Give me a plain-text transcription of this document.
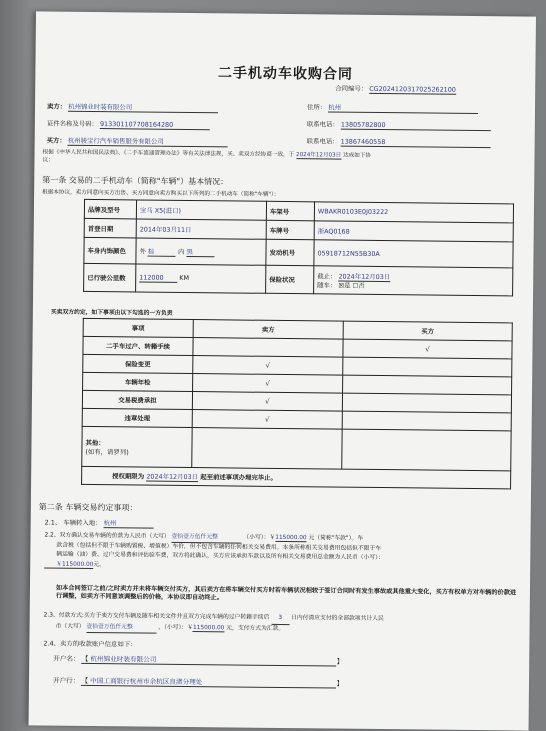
二手机动车收购合同
合同编号： CG20241203170252621​00
卖方： 杭州锦业时装有限公司	住所： 杭州
证件名称及号码： 913301107708164280	联系电话： 13805782800
买方： 杭州骏宝行汽车销售服务有限公司	联系电话： 13867460558
根据《中华人民共和国民法典》、《二手车流通管理办法》等有关法律法规，买、卖双方经协商一致，于 2024年12月03日 达成如下协
议：
第一条 交易的二手机动车（简称"车辆"）基本情况：
根据本协议，卖方同意向买方出售、买方同意向卖方购买以下所列的二手机动车（简称"车辆"）：
品牌及型号	宝马 X5(进口)	车架号	WBAKR0103E0J03222
首登日期	2014年03月11日	车牌号	浙AQ0168
车身内饰颜色	外 棕 内 黑	发动机号	05918712N55B30A
已行驶公里数	112000 KM	保险状况	截止： 2024年12月03日
随车： ☒是 ☐否
买卖双方约定，如下事项由以下勾选的一方负责
事项	卖方	买方
二手车过户、转籍手续		√
保险变更	√	
车辆年检	√	
交易税费承担	√	
违章处理	√	
其他：
(如有，请罗列)		
授权期限为 2024年12月03日 起至前述事项办理完毕止。		
第二条 车辆交易约定事项：
2.1、 车辆转入地： 杭州
2.2、双方确认交易车辆的价款为人民币（大写） 壹拾壹万伍仟元整	（小写）：￥115000.00 元（简称"车款"）。车
款含税（包括但不限于车辆购置税、增值税）车价，但不包含车辆的任何相关交易费用。本条所称相关交易费用包括但不限于车
辆运输（油）费、过户交易费和评估验车费，双方将此确认，买方应该承担车款以及所有相关交易费用总金额为人民币（小写）：
￥115000.00元。
如本合同签订之前/之时卖方并未将车辆交付买方，其后卖方在将车辆交付买方时若车辆状况相较于签订合同时有发生事故或其他重大变化，买方有权单方对车辆的价款进行调整，如卖方不同意该调整后的价格，本协议即自动终止。
2.3、付款方式:买方于卖方交付车辆及随车相关文件并且双方完成车辆的过户转籍手续后 3 日内付清应支付的全部款项共计人民
币（大写） 壹拾壹万伍仟元整	，（小写）：￥115000.00 元，支付方式为汇款。
2.4、卖方的收款账户信息如下：
开户名： 【 杭州锦业时装有限公司	】
开户行： 【 中国工商银行杭州市余杭区良渚分理处	】
